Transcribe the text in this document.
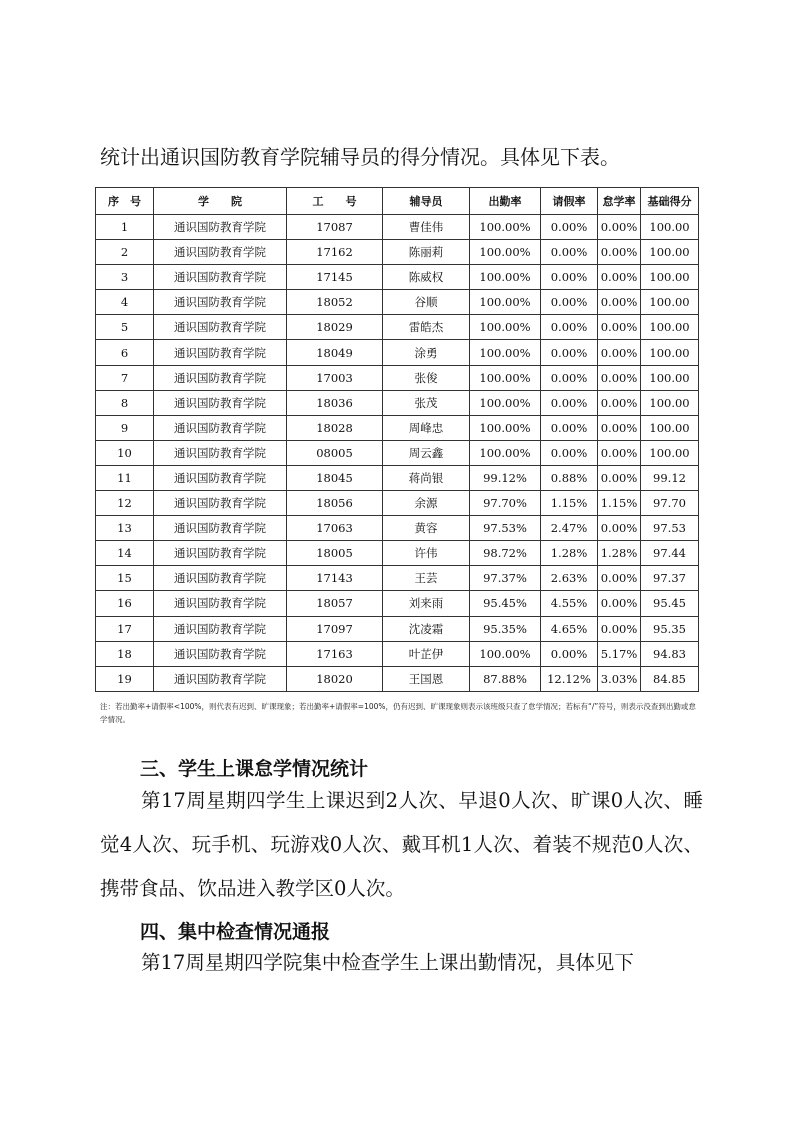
统计出通识国防教育学院辅导员的得分情况。具体见下表。
序　号	学　　院	工　　号	辅导员	出勤率	请假率	怠学率	基础得分
1	通识国防教育学院	17087	曹佳伟	100.00%	0.00%	0.00%	100.00
2	通识国防教育学院	17162	陈丽莉	100.00%	0.00%	0.00%	100.00
3	通识国防教育学院	17145	陈威权	100.00%	0.00%	0.00%	100.00
4	通识国防教育学院	18052	谷顺	100.00%	0.00%	0.00%	100.00
5	通识国防教育学院	18029	雷皓杰	100.00%	0.00%	0.00%	100.00
6	通识国防教育学院	18049	涂勇	100.00%	0.00%	0.00%	100.00
7	通识国防教育学院	17003	张俊	100.00%	0.00%	0.00%	100.00
8	通识国防教育学院	18036	张茂	100.00%	0.00%	0.00%	100.00
9	通识国防教育学院	18028	周峰忠	100.00%	0.00%	0.00%	100.00
10	通识国防教育学院	08005	周云鑫	100.00%	0.00%	0.00%	100.00
11	通识国防教育学院	18045	蒋尚银	99.12%	0.88%	0.00%	99.12
12	通识国防教育学院	18056	余源	97.70%	1.15%	1.15%	97.70
13	通识国防教育学院	17063	黄容	97.53%	2.47%	0.00%	97.53
14	通识国防教育学院	18005	许伟	98.72%	1.28%	1.28%	97.44
15	通识国防教育学院	17143	王芸	97.37%	2.63%	0.00%	97.37
16	通识国防教育学院	18057	刘来雨	95.45%	4.55%	0.00%	95.45
17	通识国防教育学院	17097	沈凌霜	95.35%	4.65%	0.00%	95.35
18	通识国防教育学院	17163	叶芷伊	100.00%	0.00%	5.17%	94.83
19	通识国防教育学院	18020	王国恩	87.88%	12.12%	3.03%	84.85
注：若出勤率+请假率<100%，则代表有迟到、旷课现象；若出勤率+请假率=100%，仍有迟到、旷课现象则表示该班级只查了怠学情况；若标有“/”符号，则表示没查到出勤或怠学情况。
三、学生上课怠学情况统计
第17周星期四学生上课迟到2人次、早退0人次、旷课0人次、睡觉4人次、玩手机、玩游戏0人次、戴耳机1人次、着装不规范0人次、携带食品、饮品进入教学区0人次。
四、集中检查情况通报
第17周星期四学院集中检查学生上课出勤情况，具体见下
